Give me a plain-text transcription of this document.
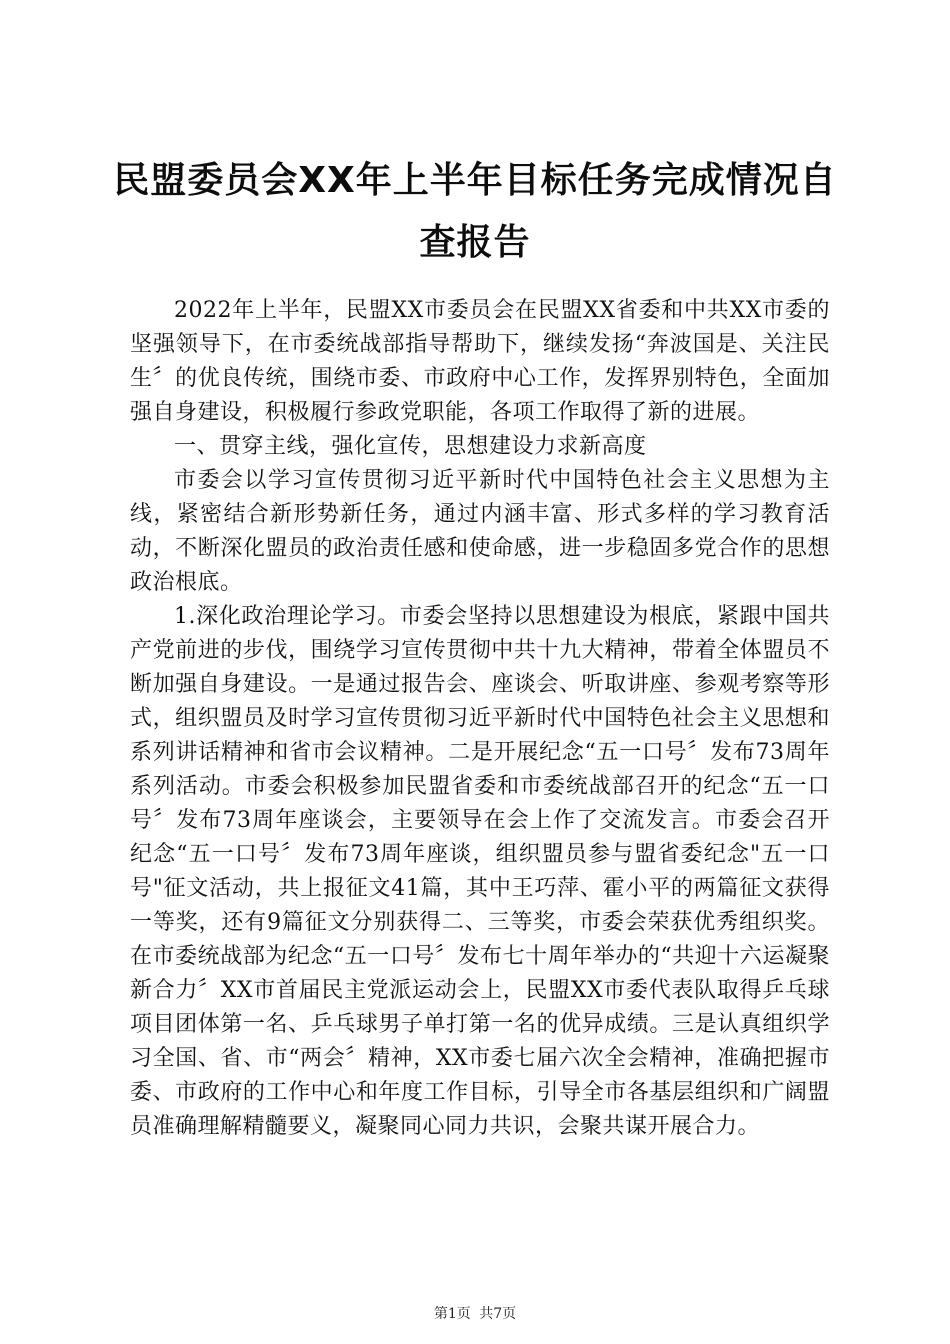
民盟委员会XX年上半年目标任务完成情况自
查报告

2022年上半年，民盟XX市委员会在民盟XX省委和中共XX市委的坚强领导下，在市委统战部指导帮助下，继续发扬“奔波国是、关注民生〞的优良传统，围绕市委、市政府中心工作，发挥界别特色，全面加强自身建设，积极履行参政党职能，各项工作取得了新的进展。

一、贯穿主线，强化宣传，思想建设力求新高度

市委会以学习宣传贯彻习近平新时代中国特色社会主义思想为主线，紧密结合新形势新任务，通过内涵丰富、形式多样的学习教育活动，不断深化盟员的政治责任感和使命感，进一步稳固多党合作的思想政治根底。

1.深化政治理论学习。市委会坚持以思想建设为根底，紧跟中国共产党前进的步伐，围绕学习宣传贯彻中共十九大精神，带着全体盟员不断加强自身建设。一是通过报告会、座谈会、听取讲座、参观考察等形式，组织盟员及时学习宣传贯彻习近平新时代中国特色社会主义思想和系列讲话精神和省市会议精神。二是开展纪念“五一口号〞发布73周年系列活动。市委会积极参加民盟省委和市委统战部召开的纪念“五一口号〞发布73周年座谈会，主要领导在会上作了交流发言。市委会召开纪念“五一口号〞发布73周年座谈，组织盟员参与盟省委纪念"五一口号"征文活动，共上报征文41篇，其中王巧萍、霍小平的两篇征文获得一等奖，还有9篇征文分别获得二、三等奖，市委会荣获优秀组织奖。在市委统战部为纪念“五一口号〞发布七十周年举办的“共迎十六运凝聚新合力〞XX市首届民主党派运动会上，民盟XX市委代表队取得乒乓球项目团体第一名、乒乓球男子单打第一名的优异成绩。三是认真组织学习全国、省、市“两会〞精神，XX市委七届六次全会精神，准确把握市委、市政府的工作中心和年度工作目标，引导全市各基层组织和广阔盟员准确理解精髓要义，凝聚同心同力共识，会聚共谋开展合力。

第1页 共7页
